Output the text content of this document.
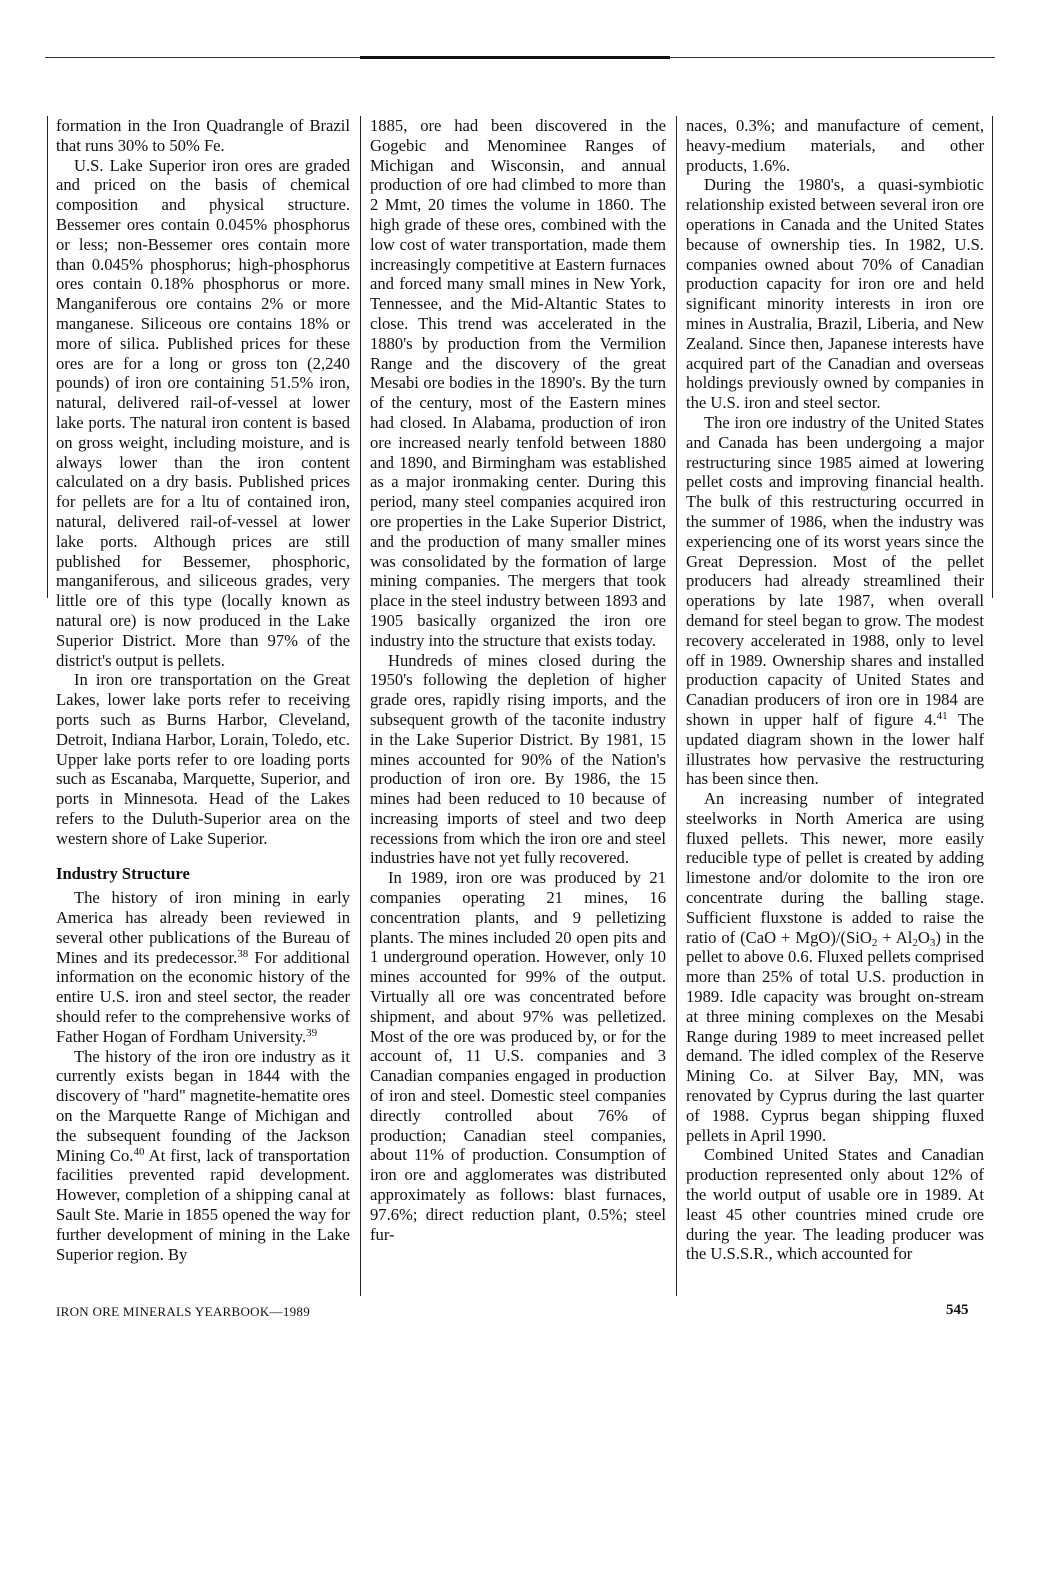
formation in the Iron Quadrangle of Brazil that runs 30% to 50% Fe.

U.S. Lake Superior iron ores are graded and priced on the basis of chemical composition and physical structure. Bessemer ores contain 0.045% phosphorus or less; non-Bessemer ores contain more than 0.045% phosphorus; high-phosphorus ores contain 0.18% phosphorus or more. Manganiferous ore contains 2% or more manganese. Siliceous ore contains 18% or more of silica. Published prices for these ores are for a long or gross ton (2,240 pounds) of iron ore containing 51.5% iron, natural, delivered rail-of-vessel at lower lake ports. The natural iron content is based on gross weight, including moisture, and is always lower than the iron content calculated on a dry basis. Published prices for pellets are for a ltu of contained iron, natural, delivered rail-of-vessel at lower lake ports. Although prices are still published for Bessemer, phosphoric, manganiferous, and siliceous grades, very little ore of this type (locally known as natural ore) is now produced in the Lake Superior District. More than 97% of the district's output is pellets.

In iron ore transportation on the Great Lakes, lower lake ports refer to receiving ports such as Burns Harbor, Cleveland, Detroit, Indiana Harbor, Lorain, Toledo, etc. Upper lake ports refer to ore loading ports such as Escanaba, Marquette, Superior, and ports in Minnesota. Head of the Lakes refers to the Duluth-Superior area on the western shore of Lake Superior.

Industry Structure

The history of iron mining in early America has already been reviewed in several other publications of the Bureau of Mines and its predecessor.$^{38}$ For additional information on the economic history of the entire U.S. iron and steel sector, the reader should refer to the comprehensive works of Father Hogan of Fordham University.$^{39}$

The history of the iron ore industry as it currently exists began in 1844 with the discovery of "hard" magnetite-hematite ores on the Marquette Range of Michigan and the subsequent founding of the Jackson Mining Co.$^{40}$ At first, lack of transportation facilities prevented rapid development. However, completion of a shipping canal at Sault Ste. Marie in 1855 opened the way for further development of mining in the Lake Superior region. By

1885, ore had been discovered in the Gogebic and Menominee Ranges of Michigan and Wisconsin, and annual production of ore had climbed to more than 2 Mmt, 20 times the volume in 1860. The high grade of these ores, combined with the low cost of water transportation, made them increasingly competitive at Eastern furnaces and forced many small mines in New York, Tennessee, and the Mid-Altantic States to close. This trend was accelerated in the 1880's by production from the Vermilion Range and the discovery of the great Mesabi ore bodies in the 1890's. By the turn of the century, most of the Eastern mines had closed. In Alabama, production of iron ore increased nearly tenfold between 1880 and 1890, and Birmingham was established as a major ironmaking center. During this period, many steel companies acquired iron ore properties in the Lake Superior District, and the production of many smaller mines was consolidated by the formation of large mining companies. The mergers that took place in the steel industry between 1893 and 1905 basically organized the iron ore industry into the structure that exists today.

Hundreds of mines closed during the 1950's following the depletion of higher grade ores, rapidly rising imports, and the subsequent growth of the taconite industry in the Lake Superior District. By 1981, 15 mines accounted for 90% of the Nation's production of iron ore. By 1986, the 15 mines had been reduced to 10 because of increasing imports of steel and two deep recessions from which the iron ore and steel industries have not yet fully recovered.

In 1989, iron ore was produced by 21 companies operating 21 mines, 16 concentration plants, and 9 pelletizing plants. The mines included 20 open pits and 1 underground operation. However, only 10 mines accounted for 99% of the output. Virtually all ore was concentrated before shipment, and about 97% was pelletized. Most of the ore was produced by, or for the account of, 11 U.S. companies and 3 Canadian companies engaged in production of iron and steel. Domestic steel companies directly controlled about 76% of production; Canadian steel companies, about 11% of production. Consumption of iron ore and agglomerates was distributed approximately as follows: blast furnaces, 97.6%; direct reduction plant, 0.5%; steel fur-

naces, 0.3%; and manufacture of cement, heavy-medium materials, and other products, 1.6%.

During the 1980's, a quasi-symbiotic relationship existed between several iron ore operations in Canada and the United States because of ownership ties. In 1982, U.S. companies owned about 70% of Canadian production capacity for iron ore and held significant minority interests in iron ore mines in Australia, Brazil, Liberia, and New Zealand. Since then, Japanese interests have acquired part of the Canadian and overseas holdings previously owned by companies in the U.S. iron and steel sector.

The iron ore industry of the United States and Canada has been undergoing a major restructuring since 1985 aimed at lowering pellet costs and improving financial health. The bulk of this restructuring occurred in the summer of 1986, when the industry was experiencing one of its worst years since the Great Depression. Most of the pellet producers had already streamlined their operations by late 1987, when overall demand for steel began to grow. The modest recovery accelerated in 1988, only to level off in 1989. Ownership shares and installed production capacity of United States and Canadian producers of iron ore in 1984 are shown in upper half of figure 4.41 The updated diagram shown in the lower half illustrates how pervasive the restructuring has been since then.

An increasing number of integrated steelworks in North America are using fluxed pellets. This newer, more easily reducible type of pellet is created by adding limestone and/or dolomite to the iron ore concentrate during the balling stage. Sufficient fluxstone is added to raise the ratio of $(CaO + MgO)/(SiO_2 + Al_2O_3)$ in the pellet to above 0.6. Fluxed pellets comprised more than 25% of total U.S. production in 1989. Idle capacity was brought on-stream at three mining complexes on the Mesabi Range during 1989 to meet increased pellet demand. The idled complex of the Reserve Mining Co. at Silver Bay, MN, was renovated by Cyprus during the last quarter of 1988. Cyprus began shipping fluxed pellets in April 1990.

Combined United States and Canadian production represented only about 12% of the world output of usable ore in 1989. At least 45 other countries mined crude ore during the year. The leading producer was the U.S.S.R., which accounted for

IRON ORE MINERALS YEARBOOK—1989	545
